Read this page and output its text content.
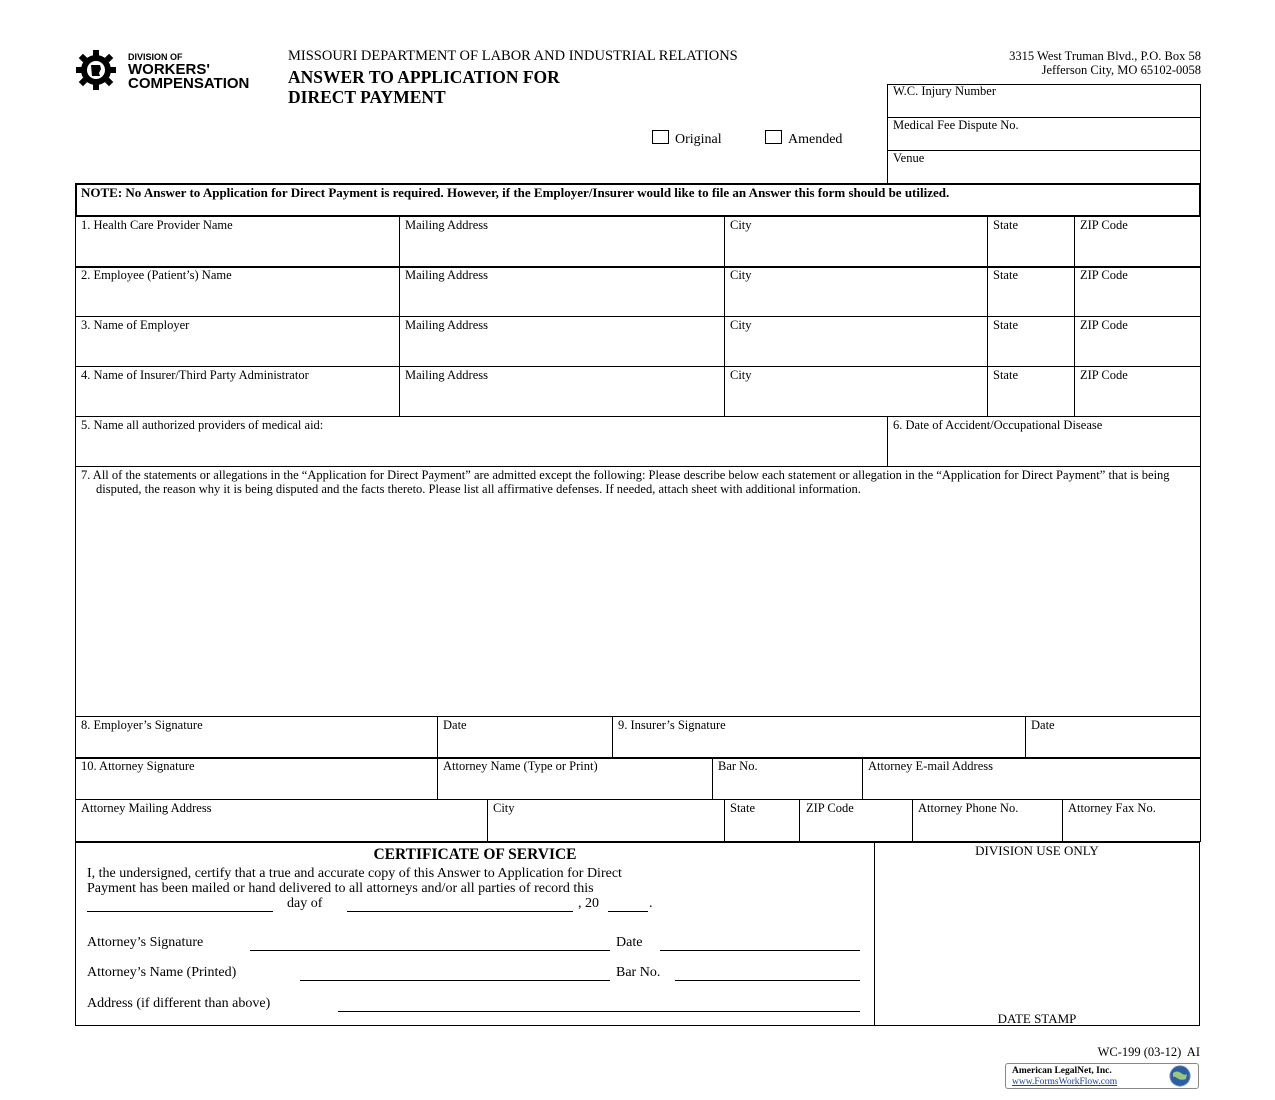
DIVISION OF
WORKERS'
COMPENSATION
MISSOURI DEPARTMENT OF LABOR AND INDUSTRIAL RELATIONS
ANSWER TO APPLICATION FOR
DIRECT PAYMENT
3315 West Truman Blvd., P.O. Box 58
Jefferson City, MO 65102-0058
Original	Amended
W.C. Injury Number
Medical Fee Dispute No.
Venue
NOTE: No Answer to Application for Direct Payment is required. However, if the Employer/Insurer would like to file an Answer this form should be utilized.
1. Health Care Provider Name	Mailing Address	City	State	ZIP Code
2. Employee (Patient’s) Name	Mailing Address	City	State	ZIP Code
3. Name of Employer	Mailing Address	City	State	ZIP Code
4. Name of Insurer/Third Party Administrator	Mailing Address	City	State	ZIP Code
5. Name all authorized providers of medical aid:	6. Date of Accident/Occupational Disease
7. All of the statements or allegations in the “Application for Direct Payment” are admitted except the following: Please describe below each statement or allegation in the “Application for Direct Payment” that is being disputed, the reason why it is being disputed and the facts thereto. Please list all affirmative defenses. If needed, attach sheet with additional information.
8. Employer’s Signature	Date	9. Insurer’s Signature	Date
10. Attorney Signature	Attorney Name (Type or Print)	Bar No.	Attorney E-mail Address
Attorney Mailing Address	City	State	ZIP Code	Attorney Phone No.	Attorney Fax No.
CERTIFICATE OF SERVICE
I, the undersigned, certify that a true and accurate copy of this Answer to Application for Direct
Payment has been mailed or hand delivered to all attorneys and/or all parties of record this
day of	, 20	.
Attorney’s Signature	Date
Attorney’s Name (Printed)	Bar No.
Address (if different than above)
DIVISION USE ONLY
DATE STAMP
WC-199 (03-12)  AI
American LegalNet, Inc.
www.FormsWorkFlow.com
